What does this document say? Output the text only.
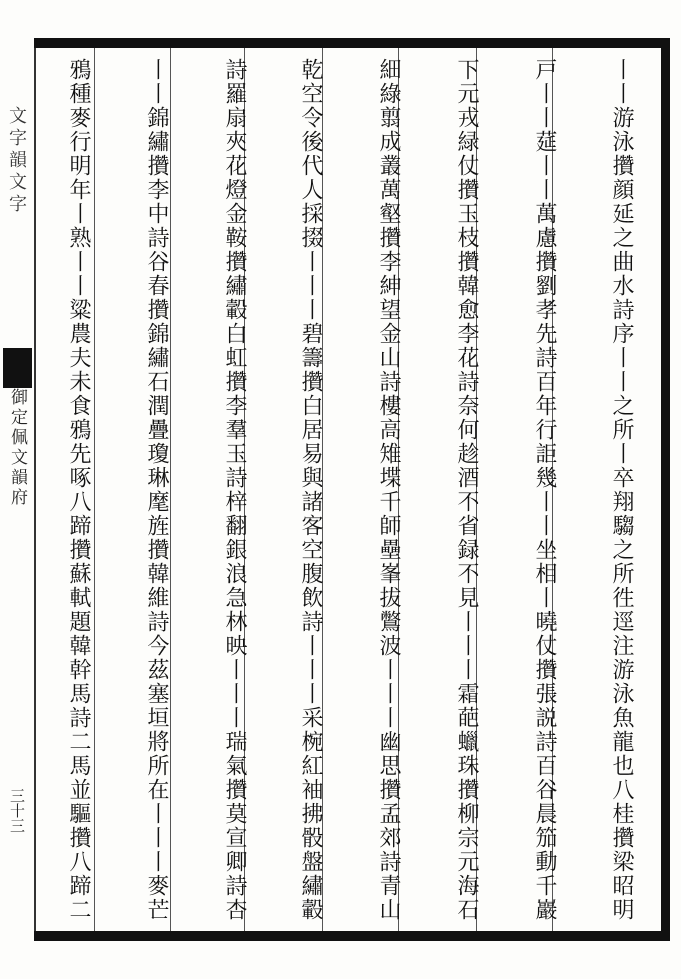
文字韻文字
御定佩文韻府
三十三
丨丨游泳攢顔延之曲水詩序丨丨之所丨卒翔騶之所徃逕注游泳魚龍也八桂攢梁昭明
戸丨丨莚丨丨萬慮攢劉孝先詩百年行詎幾丨丨坐相丨曉仗攢張説詩百谷晨笳動千巖
下元戎緑仗攢玉枝攢韓愈李花詩奈何趁酒不省録不見丨丨丨霜葩蠟珠攢柳宗元海石
細綠翦成叢萬壑攢李紳望金山詩樓高雉堞千師壘峯拔鷩波丨丨丨幽思攢孟郊詩青山
乾空令後代人採掇丨丨丨碧籌攢白居易與諸客空腹飲詩丨丨丨采椀紅袖拂骰盤繡轂
詩羅扇夾花燈金鞍攢繡轂白虹攢李羣玉詩梓翻銀浪急林映丨丨丨瑞氣攢莫宣卿詩杏
丨丨錦繡攢李中詩谷春攢錦繡石潤疊瓊琳麾旌攢韓維詩今茲塞垣將所在丨丨丨麥芒
鴉種麥行明年丨熟丨丨粱農夫未食鴉先啄八蹄攢蘇軾題韓幹馬詩二馬並驅攢八蹄二
